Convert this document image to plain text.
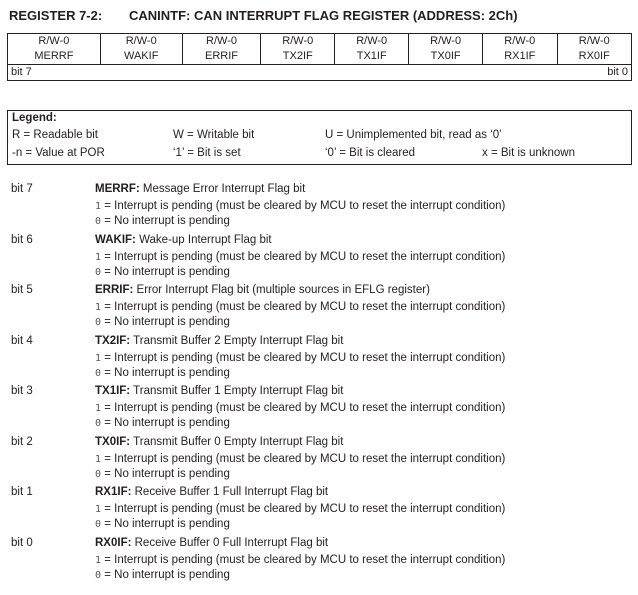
REGISTER 7-2: CANINTF: CAN INTERRUPT FLAG REGISTER (ADDRESS: 2Ch)
R/W-0	R/W-0	R/W-0	R/W-0	R/W-0	R/W-0	R/W-0	R/W-0
MERRF	WAKIF	ERRIF	TX2IF	TX1IF	TX0IF	RX1IF	RX0IF
bit 7				bit 0			
Legend:
R = Readable bit	W = Writable bit	U = Unimplemented bit, read as ‘0’
-n = Value at POR	‘1’ = Bit is set	‘0’ = Bit is cleared	x = Bit is unknown
bit 7	MERRF: Message Error Interrupt Flag bit
1 = Interrupt is pending (must be cleared by MCU to reset the interrupt condition)
0 = No interrupt is pending
bit 6	WAKIF: Wake-up Interrupt Flag bit
1 = Interrupt is pending (must be cleared by MCU to reset the interrupt condition)
0 = No interrupt is pending
bit 5	ERRIF: Error Interrupt Flag bit (multiple sources in EFLG register)
1 = Interrupt is pending (must be cleared by MCU to reset the interrupt condition)
0 = No interrupt is pending
bit 4	TX2IF: Transmit Buffer 2 Empty Interrupt Flag bit
1 = Interrupt is pending (must be cleared by MCU to reset the interrupt condition)
0 = No interrupt is pending
bit 3	TX1IF: Transmit Buffer 1 Empty Interrupt Flag bit
1 = Interrupt is pending (must be cleared by MCU to reset the interrupt condition)
0 = No interrupt is pending
bit 2	TX0IF: Transmit Buffer 0 Empty Interrupt Flag bit
1 = Interrupt is pending (must be cleared by MCU to reset the interrupt condition)
0 = No interrupt is pending
bit 1	RX1IF: Receive Buffer 1 Full Interrupt Flag bit
1 = Interrupt is pending (must be cleared by MCU to reset the interrupt condition)
0 = No interrupt is pending
bit 0	RX0IF: Receive Buffer 0 Full Interrupt Flag bit
1 = Interrupt is pending (must be cleared by MCU to reset the interrupt condition)
0 = No interrupt is pending
